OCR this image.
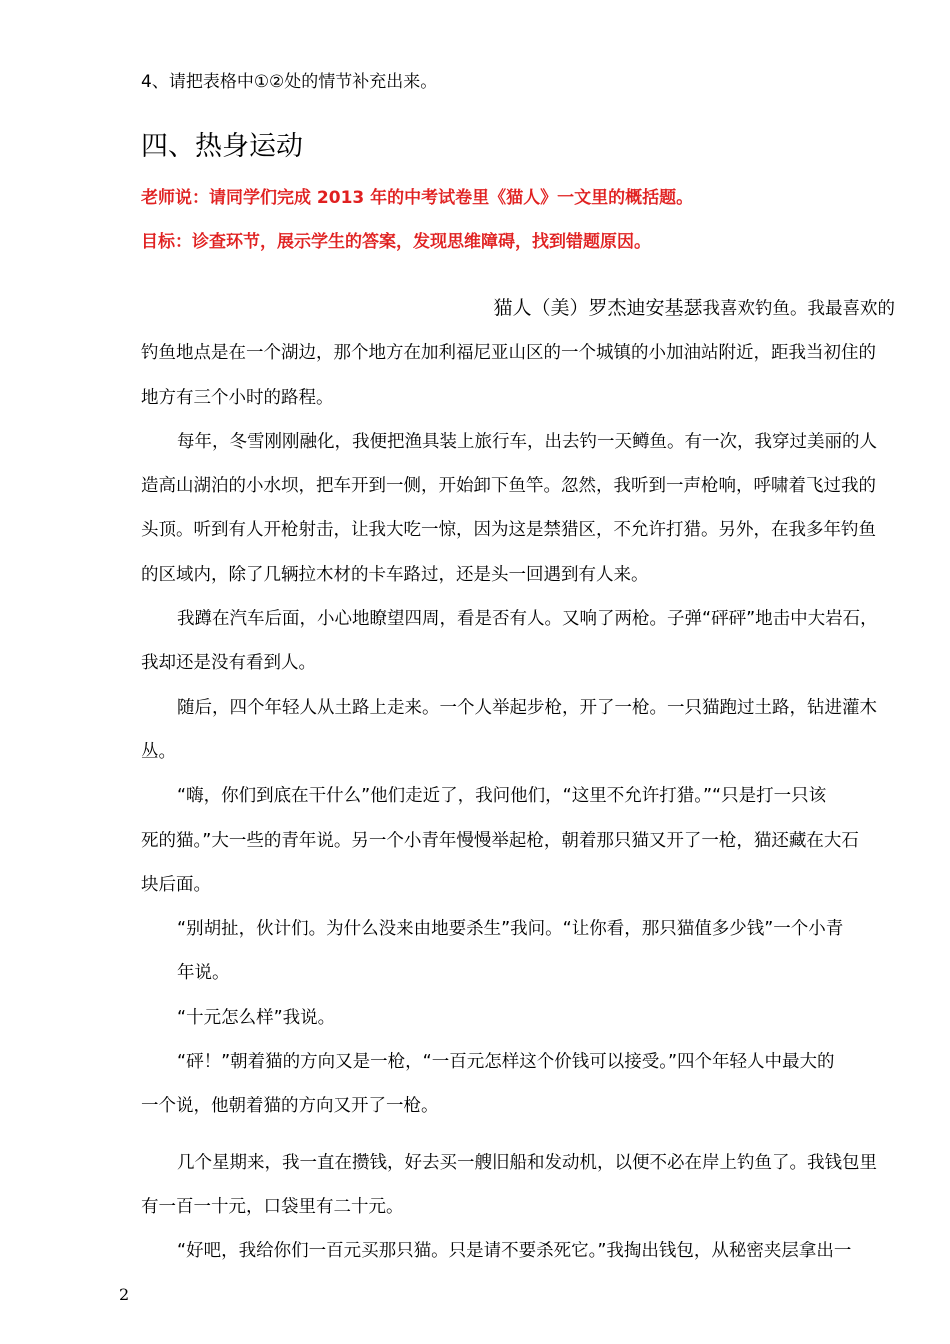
4、请把表格中①②处的情节补充出来。
四、热身运动
老师说：请同学们完成 2013 年的中考试卷里《猫人》一文里的概括题。
目标：诊查环节，展示学生的答案，发现思维障碍，找到错题原因。
猫人（美）罗杰迪安基瑟我喜欢钓鱼。我最喜欢的
钓鱼地点是在一个湖边，那个地方在加利福尼亚山区的一个城镇的小加油站附近，距我当初住的
地方有三个小时的路程。
每年，冬雪刚刚融化，我便把渔具装上旅行车，出去钓一天鳟鱼。有一次，我穿过美丽的人
造高山湖泊的小水坝，把车开到一侧，开始卸下鱼竿。忽然，我听到一声枪响，呼啸着飞过我的
头顶。听到有人开枪射击，让我大吃一惊，因为这是禁猎区，不允许打猎。另外，在我多年钓鱼
的区域内，除了几辆拉木材的卡车路过，还是头一回遇到有人来。
我蹲在汽车后面，小心地瞭望四周，看是否有人。又响了两枪。子弹“砰砰”地击中大岩石，
我却还是没有看到人。
随后，四个年轻人从土路上走来。一个人举起步枪，开了一枪。一只猫跑过土路，钻进灌木
丛。
“嗨，你们到底在干什么”他们走近了，我问他们，“这里不允许打猎。”“只是打一只该
死的猫。”大一些的青年说。另一个小青年慢慢举起枪，朝着那只猫又开了一枪，猫还藏在大石
块后面。
“别胡扯，伙计们。为什么没来由地要杀生”我问。“让你看，那只猫值多少钱”一个小青
年说。
“十元怎么样”我说。
“砰！”朝着猫的方向又是一枪，“一百元怎样这个价钱可以接受。”四个年轻人中最大的
一个说，他朝着猫的方向又开了一枪。
几个星期来，我一直在攒钱，好去买一艘旧船和发动机，以便不必在岸上钓鱼了。我钱包里
有一百一十元，口袋里有二十元。
“好吧，我给你们一百元买那只猫。只是请不要杀死它。”我掏出钱包，从秘密夹层拿出一
2
